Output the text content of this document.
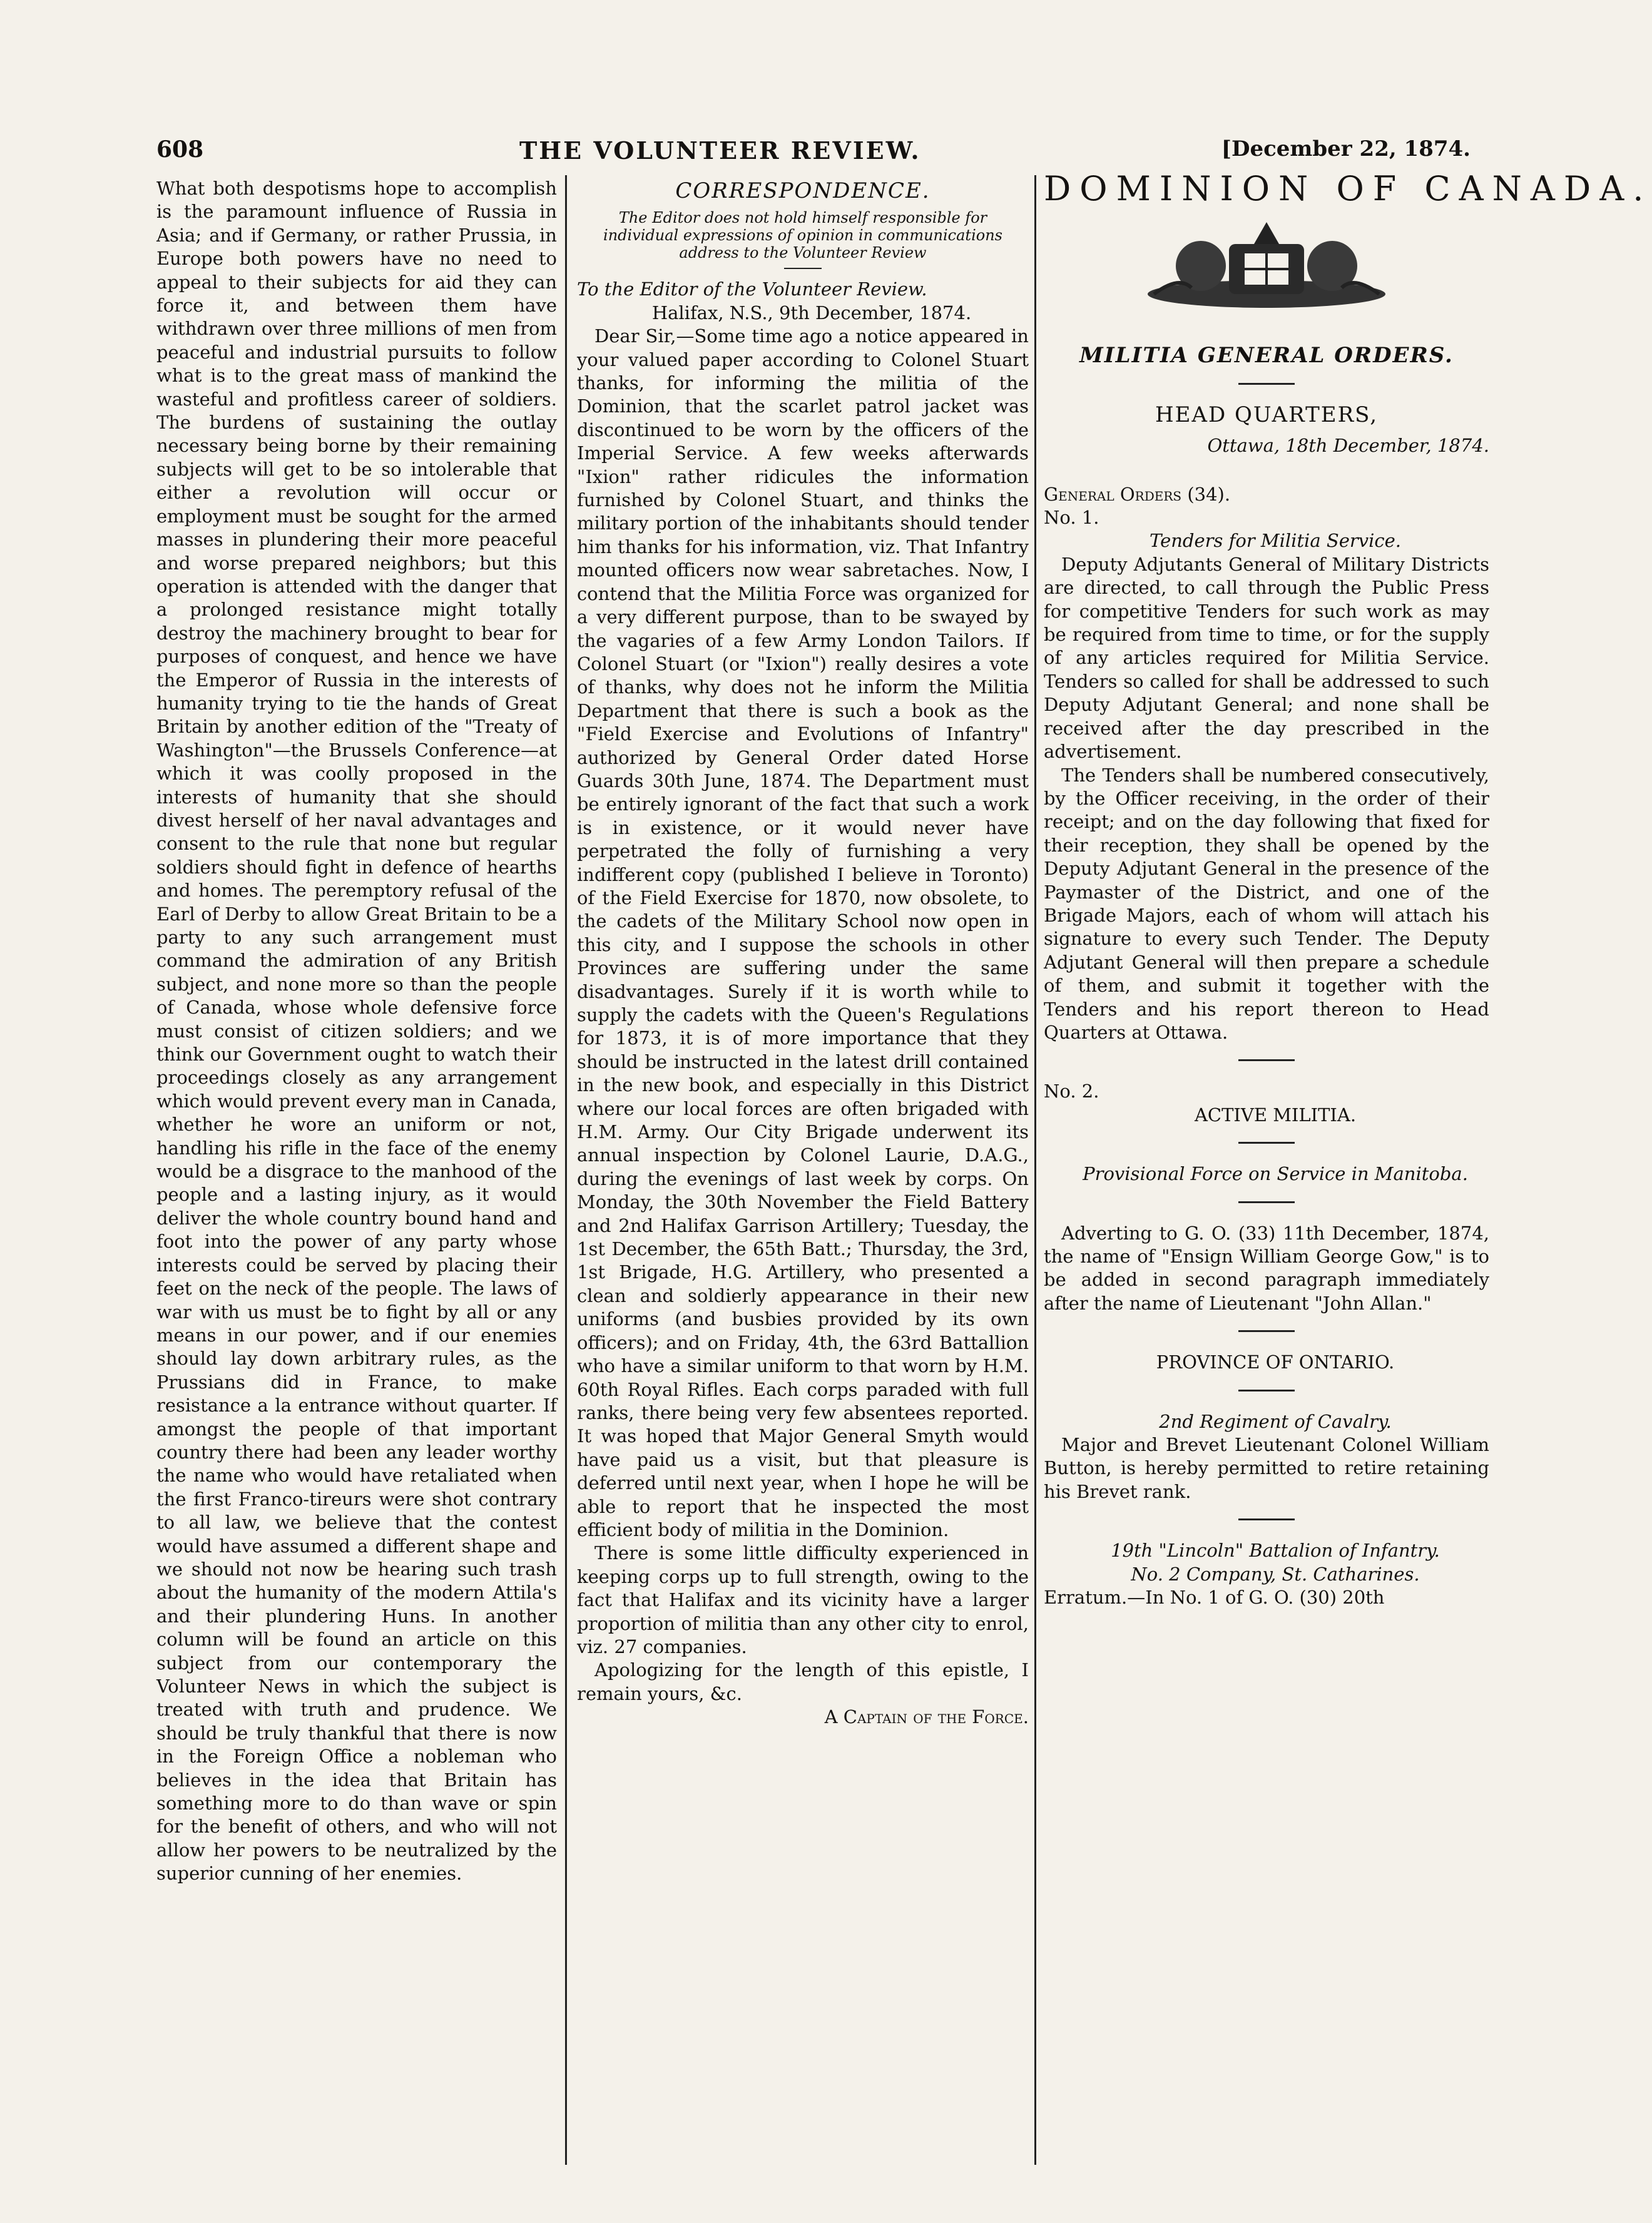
608	THE VOLUNTEER REVIEW.	[December 22, 1874.

What both despotisms hope to accomplish is the paramount influence of Russia in Asia; and if Germany, or rather Prussia, in Europe both powers have no need to appeal to their subjects for aid they can force it, and between them have withdrawn over three millions of men from peaceful and industrial pursuits to follow what is to the great mass of mankind the wasteful and profitless career of soldiers. The burdens of sustaining the outlay necessary being borne by their remaining subjects will get to be so intolerable that either a revolution will occur or employment must be sought for the armed masses in plundering their more peaceful and worse prepared neighbors; but this operation is attended with the danger that a prolonged resistance might totally destroy the machinery brought to bear for purposes of conquest, and hence we have the Emperor of Russia in the interests of humanity trying to tie the hands of Great Britain by another edition of the "Treaty of Washington"—the Brussels Conference—at which it was coolly proposed in the interests of humanity that she should divest herself of her naval advantages and consent to the rule that none but regular soldiers should fight in defence of hearths and homes. The peremptory refusal of the Earl of Derby to allow Great Britain to be a party to any such arrangement must command the admiration of any British subject, and none more so than the people of Canada, whose whole defensive force must consist of citizen soldiers; and we think our Government ought to watch their proceedings closely as any arrangement which would prevent every man in Canada, whether he wore an uniform or not, handling his rifle in the face of the enemy would be a disgrace to the manhood of the people and a lasting injury, as it would deliver the whole country bound hand and foot into the power of any party whose interests could be served by placing their feet on the neck of the people. The laws of war with us must be to fight by all or any means in our power, and if our enemies should lay down arbitrary rules, as the Prussians did in France, to make resistance a la entrance without quarter. If amongst the people of that important country there had been any leader worthy the name who would have retaliated when the first Franco-tireurs were shot contrary to all law, we believe that the contest would have assumed a different shape and we should not now be hearing such trash about the humanity of the modern Attila's and their plundering Huns. In another column will be found an article on this subject from our contemporary the Volunteer News in which the subject is treated with truth and prudence. We should be truly thankful that there is now in the Foreign Office a nobleman who believes in the idea that Britain has something more to do than wave or spin for the benefit of others, and who will not allow her powers to be neutralized by the superior cunning of her enemies.

CORRESPONDENCE.
The Editor does not hold himself responsible for individual expressions of opinion in communications address to the Volunteer Review

To the Editor of the Volunteer Review.

Halifax, N.S., 9th December, 1874.

Dear Sir,—Some time ago a notice appeared in your valued paper according to Colonel Stuart thanks, for informing the militia of the Dominion, that the scarlet patrol jacket was discontinued to be worn by the officers of the Imperial Service. A few weeks afterwards "Ixion" rather ridicules the information furnished by Colonel Stuart, and thinks the military portion of the inhabitants should tender him thanks for his information, viz. That Infantry mounted officers now wear sabretaches. Now, I contend that the Militia Force was organized for a very different purpose, than to be swayed by the vagaries of a few Army London Tailors. If Colonel Stuart (or "Ixion") really desires a vote of thanks, why does not he inform the Militia Department that there is such a book as the "Field Exercise and Evolutions of Infantry" authorized by General Order dated Horse Guards 30th June, 1874. The Department must be entirely ignorant of the fact that such a work is in existence, or it would never have perpetrated the folly of furnishing a very indifferent copy (published I believe in Toronto) of the Field Exercise for 1870, now obsolete, to the cadets of the Military School now open in this city, and I suppose the schools in other Provinces are suffering under the same disadvantages. Surely if it is worth while to supply the cadets with the Queen's Regulations for 1873, it is of more importance that they should be instructed in the latest drill contained in the new book, and especially in this District where our local forces are often brigaded with H.M. Army. Our City Brigade underwent its annual inspection by Colonel Laurie, D.A.G., during the evenings of last week by corps. On Monday, the 30th November the Field Battery and 2nd Halifax Garrison Artillery; Tuesday, the 1st December, the 65th Batt.; Thursday, the 3rd, 1st Brigade, H.G. Artillery, who presented a clean and soldierly appearance in their new uniforms (and busbies provided by its own officers); and on Friday, 4th, the 63rd Battallion who have a similar uniform to that worn by H.M. 60th Royal Rifles. Each corps paraded with full ranks, there being very few absentees reported. It was hoped that Major General Smyth would have paid us a visit, but that pleasure is deferred until next year, when I hope he will be able to report that he inspected the most efficient body of militia in the Dominion.

There is some little difficulty experienced in keeping corps up to full strength, owing to the fact that Halifax and its vicinity have a larger proportion of militia than any other city to enrol, viz. 27 companies.

Apologizing for the length of this epistle, I remain yours, &c.

A Captain of the Force.

DOMINION OF CANADA.
MILITIA GENERAL ORDERS.
HEAD QUARTERS,

Ottawa, 18th December, 1874.

General Orders (34).

No. 1.

Tenders for Militia Service.

Deputy Adjutants General of Military Districts are directed, to call through the Public Press for competitive Tenders for such work as may be required from time to time, or for the supply of any articles required for Militia Service. Tenders so called for shall be addressed to such Deputy Adjutant General; and none shall be received after the day prescribed in the advertisement.

The Tenders shall be numbered consecutively, by the Officer receiving, in the order of their receipt; and on the day following that fixed for their reception, they shall be opened by the Deputy Adjutant General in the presence of the Paymaster of the District, and one of the Brigade Majors, each of whom will attach his signature to every such Tender. The Deputy Adjutant General will then prepare a schedule of them, and submit it together with the Tenders and his report thereon to Head Quarters at Ottawa.

No. 2.

ACTIVE MILITIA.

Provisional Force on Service in Manitoba.

Adverting to G. O. (33) 11th December, 1874, the name of "Ensign William George Gow," is to be added in second paragraph immediately after the name of Lieutenant "John Allan."

PROVINCE OF ONTARIO.

2nd Regiment of Cavalry.

Major and Brevet Lieutenant Colonel William Button, is hereby permitted to retire retaining his Brevet rank.

19th "Lincoln" Battalion of Infantry.

No. 2 Company, St. Catharines.

Erratum.—In No. 1 of G. O. (30) 20th
